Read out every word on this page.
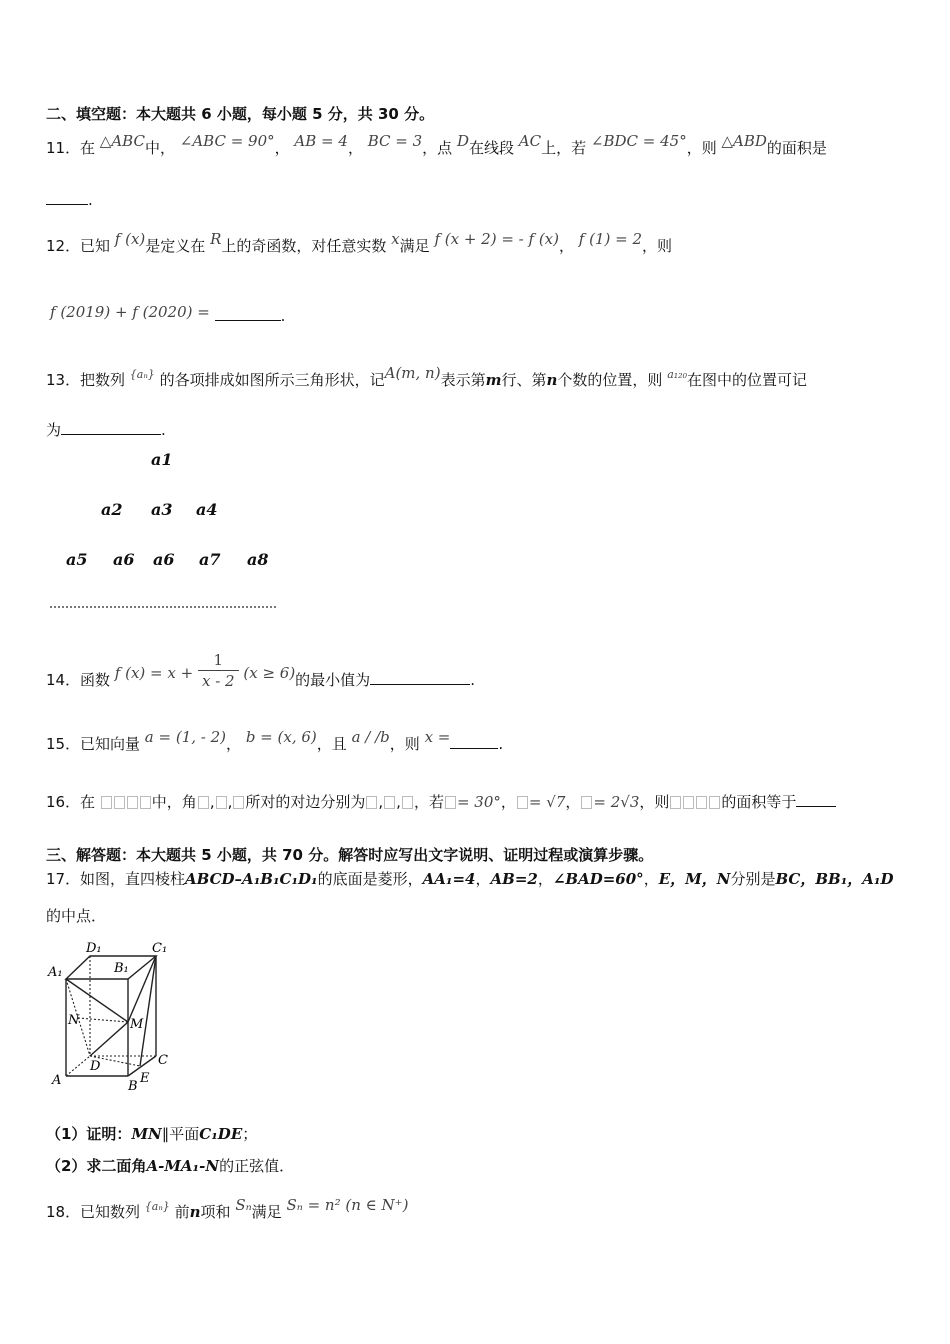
二、填空题：本大题共 6 小题，每小题 5 分，共 30 分。
11．在 △ABC中， ∠ABC = 90°， AB = 4， BC = 3，点 D在线段 AC上，若 ∠BDC = 45°，则 △ABD的面积是
.
12．已知 f (x)是定义在 R上的奇函数，对任意实数 x满足 f (x + 2) = - f (x)， f (1) = 2，则
f (2019) + f (2020) =	.
13．把数列 $^{\{a_n\}}$ 的各项排成如图所示三角形状，记A(m, n)表示第m行、第n个数的位置，则 $^{a_{120}}$在图中的位置可记
为	.
a1
a2 a3 a4
a5 a6 a6 a7 a8
14．函数 f $(x) = x + \frac{1}{x - 2} (x \ge 6)$的最小值为	.
15．已知向量 a = (1, - 2)， b = (x, 6)，且 a / /b，则 x =	.
16．在	中，角 , , 所对的对边分别为 , , ，若 = 30°， = √7， = 2√3，则	的面积等于
三、解答题：本大题共 5 小题，共 70 分。解答时应写出文字说明、证明过程或演算步骤。
17．如图，直四棱柱ABCD–A₁B₁C₁D₁的底面是菱形，AA₁=4，AB=2，∠BAD=60°，E，M，N分别是BC，BB₁，A₁D
的中点．
D₁	C₁
A₁	B₁
N	M
D	C
A	B
E
（1）证明：MN∥平面C₁DE；
（2）求二面角A-MA₁-N的正弦值．
18．已知数列 $^{\{a_n\}}$ 前n项和 Sₙ满足 Sₙ = n² (n ∈ N⁺)
